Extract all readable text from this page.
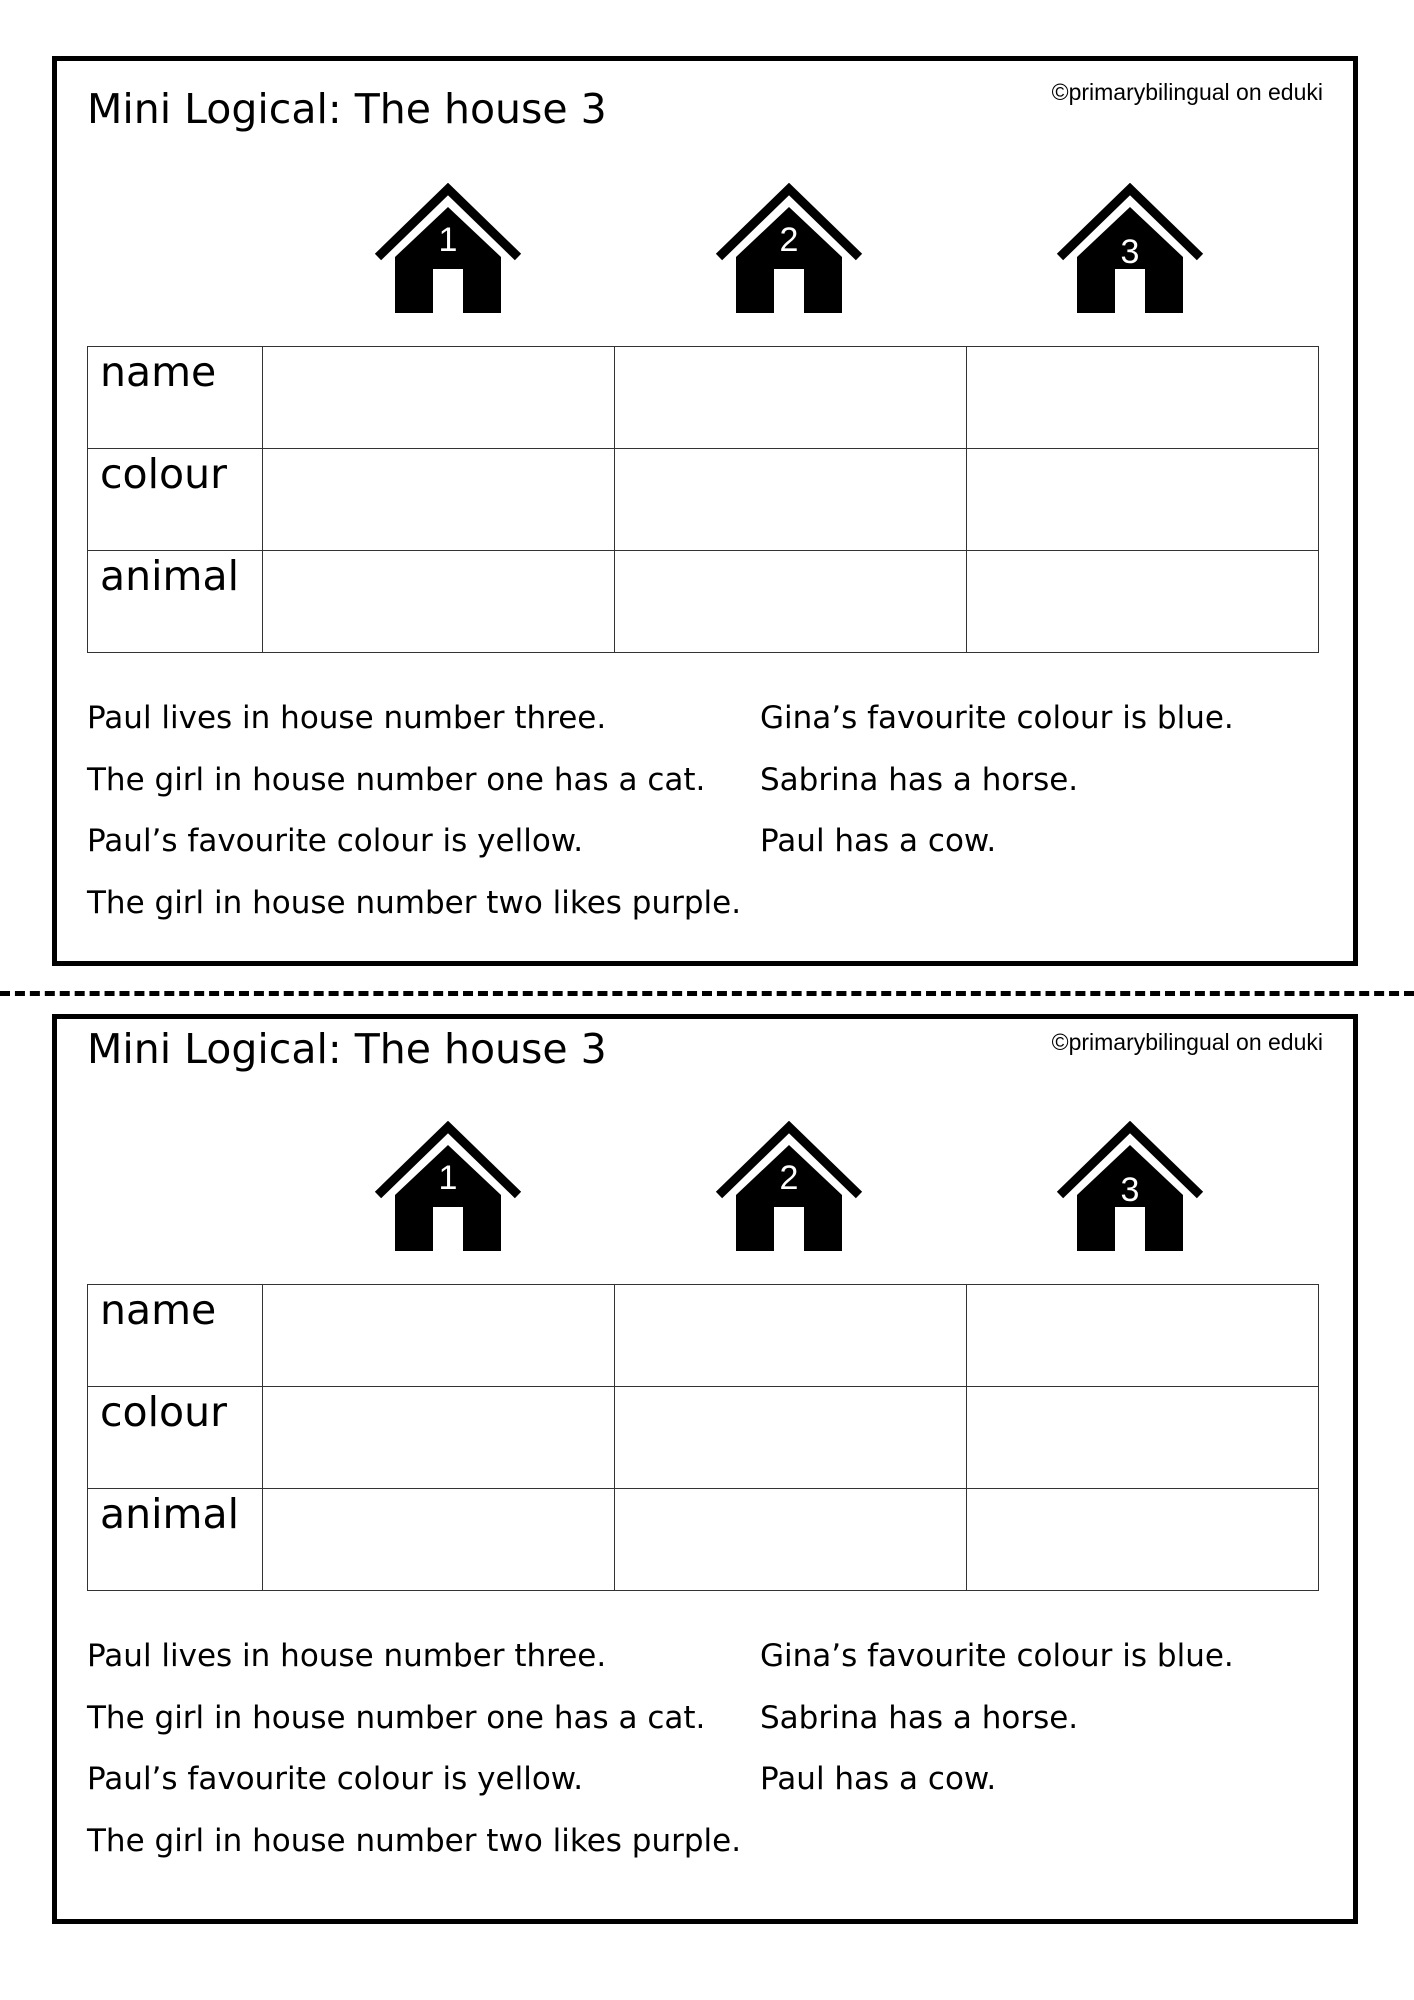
Mini Logical: The house 3	©primarybilingual on eduki
1	2	3
name			
colour			
animal			
Paul lives in house number three.
The girl in house number one has a cat.
Paul’s favourite colour is yellow.
The girl in house number two likes purple.
Gina’s favourite colour is blue.
Sabrina has a horse.
Paul has a cow.
Mini Logical: The house 3	©primarybilingual on eduki
1	2	3
name			
colour			
animal			
Paul lives in house number three.
The girl in house number one has a cat.
Paul’s favourite colour is yellow.
The girl in house number two likes purple.
Gina’s favourite colour is blue.
Sabrina has a horse.
Paul has a cow.
